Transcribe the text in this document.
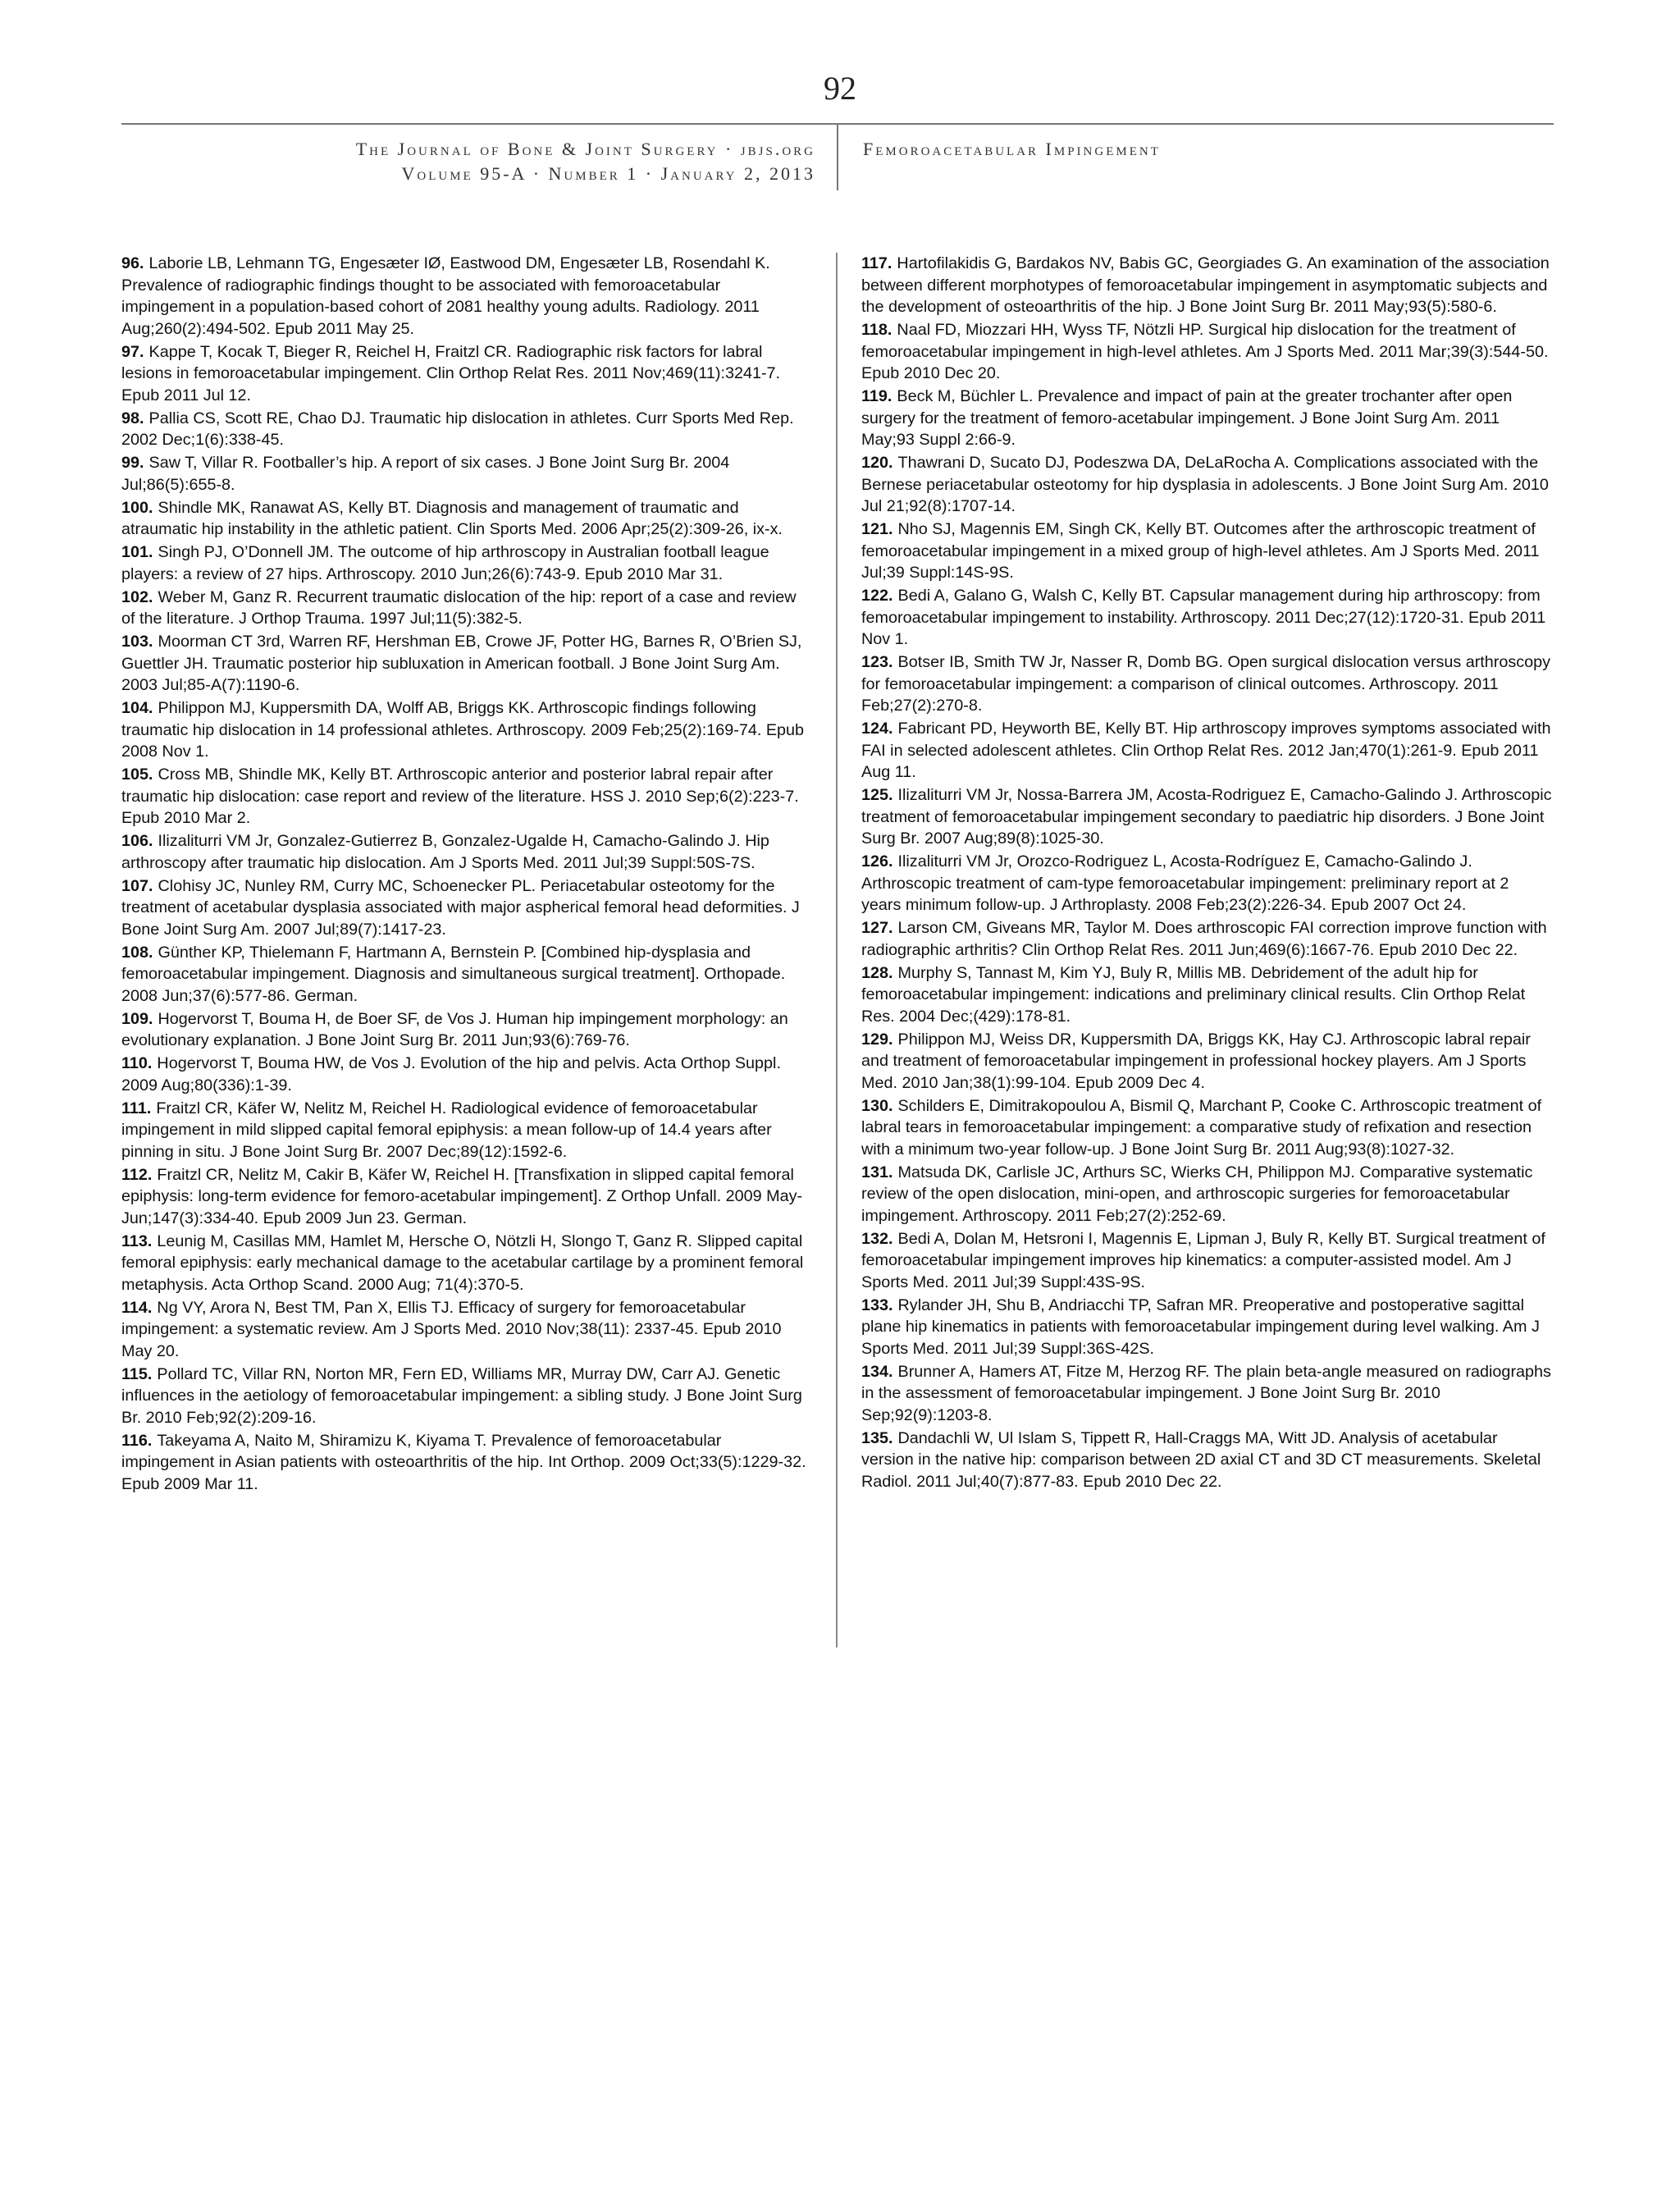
92
The Journal of Bone & Joint Surgery · jbjs.org
Volume 95-A · Number 1 · January 2, 2013
Femoroacetabular Impingement
96. Laborie LB, Lehmann TG, Engesæter IØ, Eastwood DM, Engesæter LB, Rosendahl K. Prevalence of radiographic findings thought to be associated with femoroacetabular impingement in a population-based cohort of 2081 healthy young adults. Radiology. 2011 Aug;260(2):494-502. Epub 2011 May 25.
97. Kappe T, Kocak T, Bieger R, Reichel H, Fraitzl CR. Radiographic risk factors for labral lesions in femoroacetabular impingement. Clin Orthop Relat Res. 2011 Nov;469(11):3241-7. Epub 2011 Jul 12.
98. Pallia CS, Scott RE, Chao DJ. Traumatic hip dislocation in athletes. Curr Sports Med Rep. 2002 Dec;1(6):338-45.
99. Saw T, Villar R. Footballer’s hip. A report of six cases. J Bone Joint Surg Br. 2004 Jul;86(5):655-8.
100. Shindle MK, Ranawat AS, Kelly BT. Diagnosis and management of traumatic and atraumatic hip instability in the athletic patient. Clin Sports Med. 2006 Apr;25(2):309-26, ix-x.
101. Singh PJ, O’Donnell JM. The outcome of hip arthroscopy in Australian football league players: a review of 27 hips. Arthroscopy. 2010 Jun;26(6):743-9. Epub 2010 Mar 31.
102. Weber M, Ganz R. Recurrent traumatic dislocation of the hip: report of a case and review of the literature. J Orthop Trauma. 1997 Jul;11(5):382-5.
103. Moorman CT 3rd, Warren RF, Hershman EB, Crowe JF, Potter HG, Barnes R, O’Brien SJ, Guettler JH. Traumatic posterior hip subluxation in American football. J Bone Joint Surg Am. 2003 Jul;85-A(7):1190-6.
104. Philippon MJ, Kuppersmith DA, Wolff AB, Briggs KK. Arthroscopic findings following traumatic hip dislocation in 14 professional athletes. Arthroscopy. 2009 Feb;25(2):169-74. Epub 2008 Nov 1.
105. Cross MB, Shindle MK, Kelly BT. Arthroscopic anterior and posterior labral repair after traumatic hip dislocation: case report and review of the literature. HSS J. 2010 Sep;6(2):223-7. Epub 2010 Mar 2.
106. Ilizaliturri VM Jr, Gonzalez-Gutierrez B, Gonzalez-Ugalde H, Camacho-Galindo J. Hip arthroscopy after traumatic hip dislocation. Am J Sports Med. 2011 Jul;39 Suppl:50S-7S.
107. Clohisy JC, Nunley RM, Curry MC, Schoenecker PL. Periacetabular osteotomy for the treatment of acetabular dysplasia associated with major aspherical femoral head deformities. J Bone Joint Surg Am. 2007 Jul;89(7):1417-23.
108. Günther KP, Thielemann F, Hartmann A, Bernstein P. [Combined hip-dysplasia and femoroacetabular impingement. Diagnosis and simultaneous surgical treatment]. Orthopade. 2008 Jun;37(6):577-86. German.
109. Hogervorst T, Bouma H, de Boer SF, de Vos J. Human hip impingement morphology: an evolutionary explanation. J Bone Joint Surg Br. 2011 Jun;93(6):769-76.
110. Hogervorst T, Bouma HW, de Vos J. Evolution of the hip and pelvis. Acta Orthop Suppl. 2009 Aug;80(336):1-39.
111. Fraitzl CR, Käfer W, Nelitz M, Reichel H. Radiological evidence of femoroacetabular impingement in mild slipped capital femoral epiphysis: a mean follow-up of 14.4 years after pinning in situ. J Bone Joint Surg Br. 2007 Dec;89(12):1592-6.
112. Fraitzl CR, Nelitz M, Cakir B, Käfer W, Reichel H. [Transfixation in slipped capital femoral epiphysis: long-term evidence for femoro-acetabular impingement]. Z Orthop Unfall. 2009 May-Jun;147(3):334-40. Epub 2009 Jun 23. German.
113. Leunig M, Casillas MM, Hamlet M, Hersche O, Nötzli H, Slongo T, Ganz R. Slipped capital femoral epiphysis: early mechanical damage to the acetabular cartilage by a prominent femoral metaphysis. Acta Orthop Scand. 2000 Aug; 71(4):370-5.
114. Ng VY, Arora N, Best TM, Pan X, Ellis TJ. Efficacy of surgery for femoroacetabular impingement: a systematic review. Am J Sports Med. 2010 Nov;38(11): 2337-45. Epub 2010 May 20.
115. Pollard TC, Villar RN, Norton MR, Fern ED, Williams MR, Murray DW, Carr AJ. Genetic influences in the aetiology of femoroacetabular impingement: a sibling study. J Bone Joint Surg Br. 2010 Feb;92(2):209-16.
116. Takeyama A, Naito M, Shiramizu K, Kiyama T. Prevalence of femoroacetabular impingement in Asian patients with osteoarthritis of the hip. Int Orthop. 2009 Oct;33(5):1229-32. Epub 2009 Mar 11.
117. Hartofilakidis G, Bardakos NV, Babis GC, Georgiades G. An examination of the association between different morphotypes of femoroacetabular impingement in asymptomatic subjects and the development of osteoarthritis of the hip. J Bone Joint Surg Br. 2011 May;93(5):580-6.
118. Naal FD, Miozzari HH, Wyss TF, Nötzli HP. Surgical hip dislocation for the treatment of femoroacetabular impingement in high-level athletes. Am J Sports Med. 2011 Mar;39(3):544-50. Epub 2010 Dec 20.
119. Beck M, Büchler L. Prevalence and impact of pain at the greater trochanter after open surgery for the treatment of femoro-acetabular impingement. J Bone Joint Surg Am. 2011 May;93 Suppl 2:66-9.
120. Thawrani D, Sucato DJ, Podeszwa DA, DeLaRocha A. Complications associated with the Bernese periacetabular osteotomy for hip dysplasia in adolescents. J Bone Joint Surg Am. 2010 Jul 21;92(8):1707-14.
121. Nho SJ, Magennis EM, Singh CK, Kelly BT. Outcomes after the arthroscopic treatment of femoroacetabular impingement in a mixed group of high-level athletes. Am J Sports Med. 2011 Jul;39 Suppl:14S-9S.
122. Bedi A, Galano G, Walsh C, Kelly BT. Capsular management during hip arthroscopy: from femoroacetabular impingement to instability. Arthroscopy. 2011 Dec;27(12):1720-31. Epub 2011 Nov 1.
123. Botser IB, Smith TW Jr, Nasser R, Domb BG. Open surgical dislocation versus arthroscopy for femoroacetabular impingement: a comparison of clinical outcomes. Arthroscopy. 2011 Feb;27(2):270-8.
124. Fabricant PD, Heyworth BE, Kelly BT. Hip arthroscopy improves symptoms associated with FAI in selected adolescent athletes. Clin Orthop Relat Res. 2012 Jan;470(1):261-9. Epub 2011 Aug 11.
125. Ilizaliturri VM Jr, Nossa-Barrera JM, Acosta-Rodriguez E, Camacho-Galindo J. Arthroscopic treatment of femoroacetabular impingement secondary to paediatric hip disorders. J Bone Joint Surg Br. 2007 Aug;89(8):1025-30.
126. Ilizaliturri VM Jr, Orozco-Rodriguez L, Acosta-Rodríguez E, Camacho-Galindo J. Arthroscopic treatment of cam-type femoroacetabular impingement: preliminary report at 2 years minimum follow-up. J Arthroplasty. 2008 Feb;23(2):226-34. Epub 2007 Oct 24.
127. Larson CM, Giveans MR, Taylor M. Does arthroscopic FAI correction improve function with radiographic arthritis? Clin Orthop Relat Res. 2011 Jun;469(6):1667-76. Epub 2010 Dec 22.
128. Murphy S, Tannast M, Kim YJ, Buly R, Millis MB. Debridement of the adult hip for femoroacetabular impingement: indications and preliminary clinical results. Clin Orthop Relat Res. 2004 Dec;(429):178-81.
129. Philippon MJ, Weiss DR, Kuppersmith DA, Briggs KK, Hay CJ. Arthroscopic labral repair and treatment of femoroacetabular impingement in professional hockey players. Am J Sports Med. 2010 Jan;38(1):99-104. Epub 2009 Dec 4.
130. Schilders E, Dimitrakopoulou A, Bismil Q, Marchant P, Cooke C. Arthroscopic treatment of labral tears in femoroacetabular impingement: a comparative study of refixation and resection with a minimum two-year follow-up. J Bone Joint Surg Br. 2011 Aug;93(8):1027-32.
131. Matsuda DK, Carlisle JC, Arthurs SC, Wierks CH, Philippon MJ. Comparative systematic review of the open dislocation, mini-open, and arthroscopic surgeries for femoroacetabular impingement. Arthroscopy. 2011 Feb;27(2):252-69.
132. Bedi A, Dolan M, Hetsroni I, Magennis E, Lipman J, Buly R, Kelly BT. Surgical treatment of femoroacetabular impingement improves hip kinematics: a computer-assisted model. Am J Sports Med. 2011 Jul;39 Suppl:43S-9S.
133. Rylander JH, Shu B, Andriacchi TP, Safran MR. Preoperative and postoperative sagittal plane hip kinematics in patients with femoroacetabular impingement during level walking. Am J Sports Med. 2011 Jul;39 Suppl:36S-42S.
134. Brunner A, Hamers AT, Fitze M, Herzog RF. The plain beta-angle measured on radiographs in the assessment of femoroacetabular impingement. J Bone Joint Surg Br. 2010 Sep;92(9):1203-8.
135. Dandachli W, Ul Islam S, Tippett R, Hall-Craggs MA, Witt JD. Analysis of acetabular version in the native hip: comparison between 2D axial CT and 3D CT measurements. Skeletal Radiol. 2011 Jul;40(7):877-83. Epub 2010 Dec 22.
